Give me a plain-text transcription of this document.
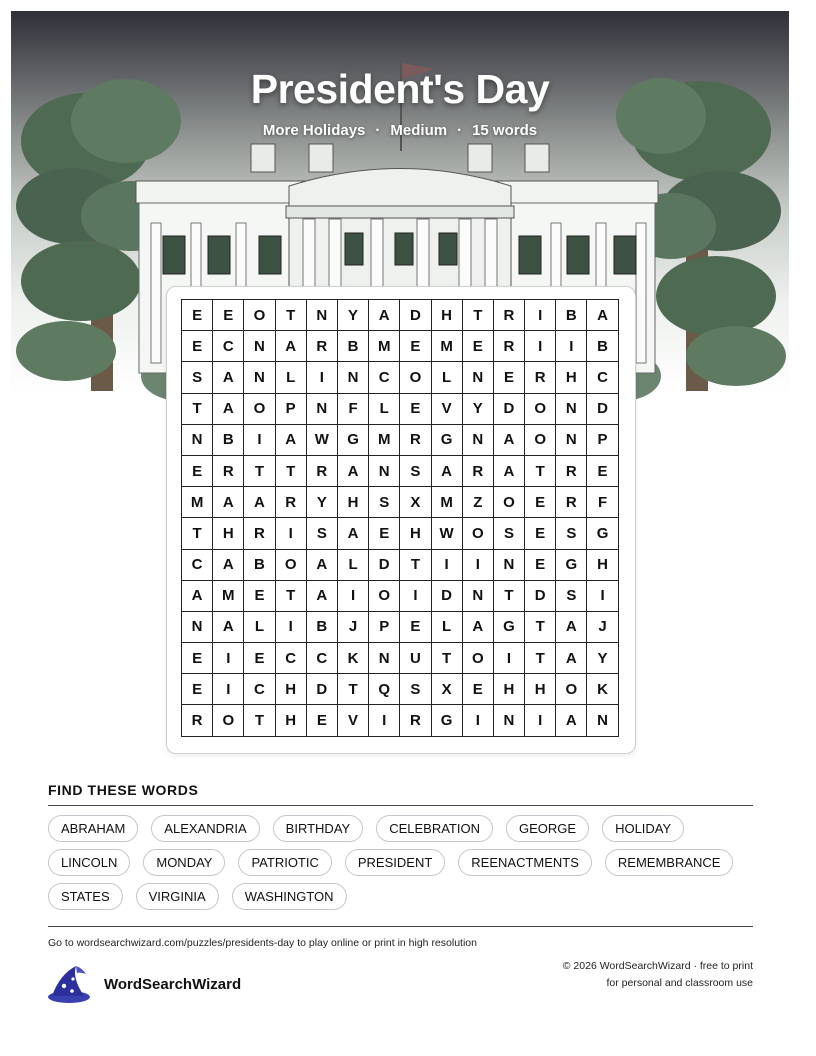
President's Day
More Holidays · Medium · 15 words
E	E	O	T	N	Y	A	D	H	T	R	I	B	A
E	C	N	A	R	B	M	E	M	E	R	I	I	B
S	A	N	L	I	N	C	O	L	N	E	R	H	C
T	A	O	P	N	F	L	E	V	Y	D	O	N	D
N	B	I	A	W	G	M	R	G	N	A	O	N	P
E	R	T	T	R	A	N	S	A	R	A	T	R	E
M	A	A	R	Y	H	S	X	M	Z	O	E	R	F
T	H	R	I	S	A	E	H	W	O	S	E	S	G
C	A	B	O	A	L	D	T	I	I	N	E	G	H
A	M	E	T	A	I	O	I	D	N	T	D	S	I
N	A	L	I	B	J	P	E	L	A	G	T	A	J
E	I	E	C	C	K	N	U	T	O	I	T	A	Y
E	I	C	H	D	T	Q	S	X	E	H	H	O	K
R	O	T	H	E	V	I	R	G	I	N	I	A	N
FIND THESE WORDS
ABRAHAM	ALEXANDRIA	BIRTHDAY	CELEBRATION	GEORGE	HOLIDAY
LINCOLN	MONDAY	PATRIOTIC	PRESIDENT	REENACTMENTS	REMEMBRANCE
STATES	VIRGINIA	WASHINGTON
Go to wordsearchwizard.com/puzzles/presidents-day to play online or print in high resolution
WordSearchWizard
© 2026 WordSearchWizard · free to print for personal and classroom use
